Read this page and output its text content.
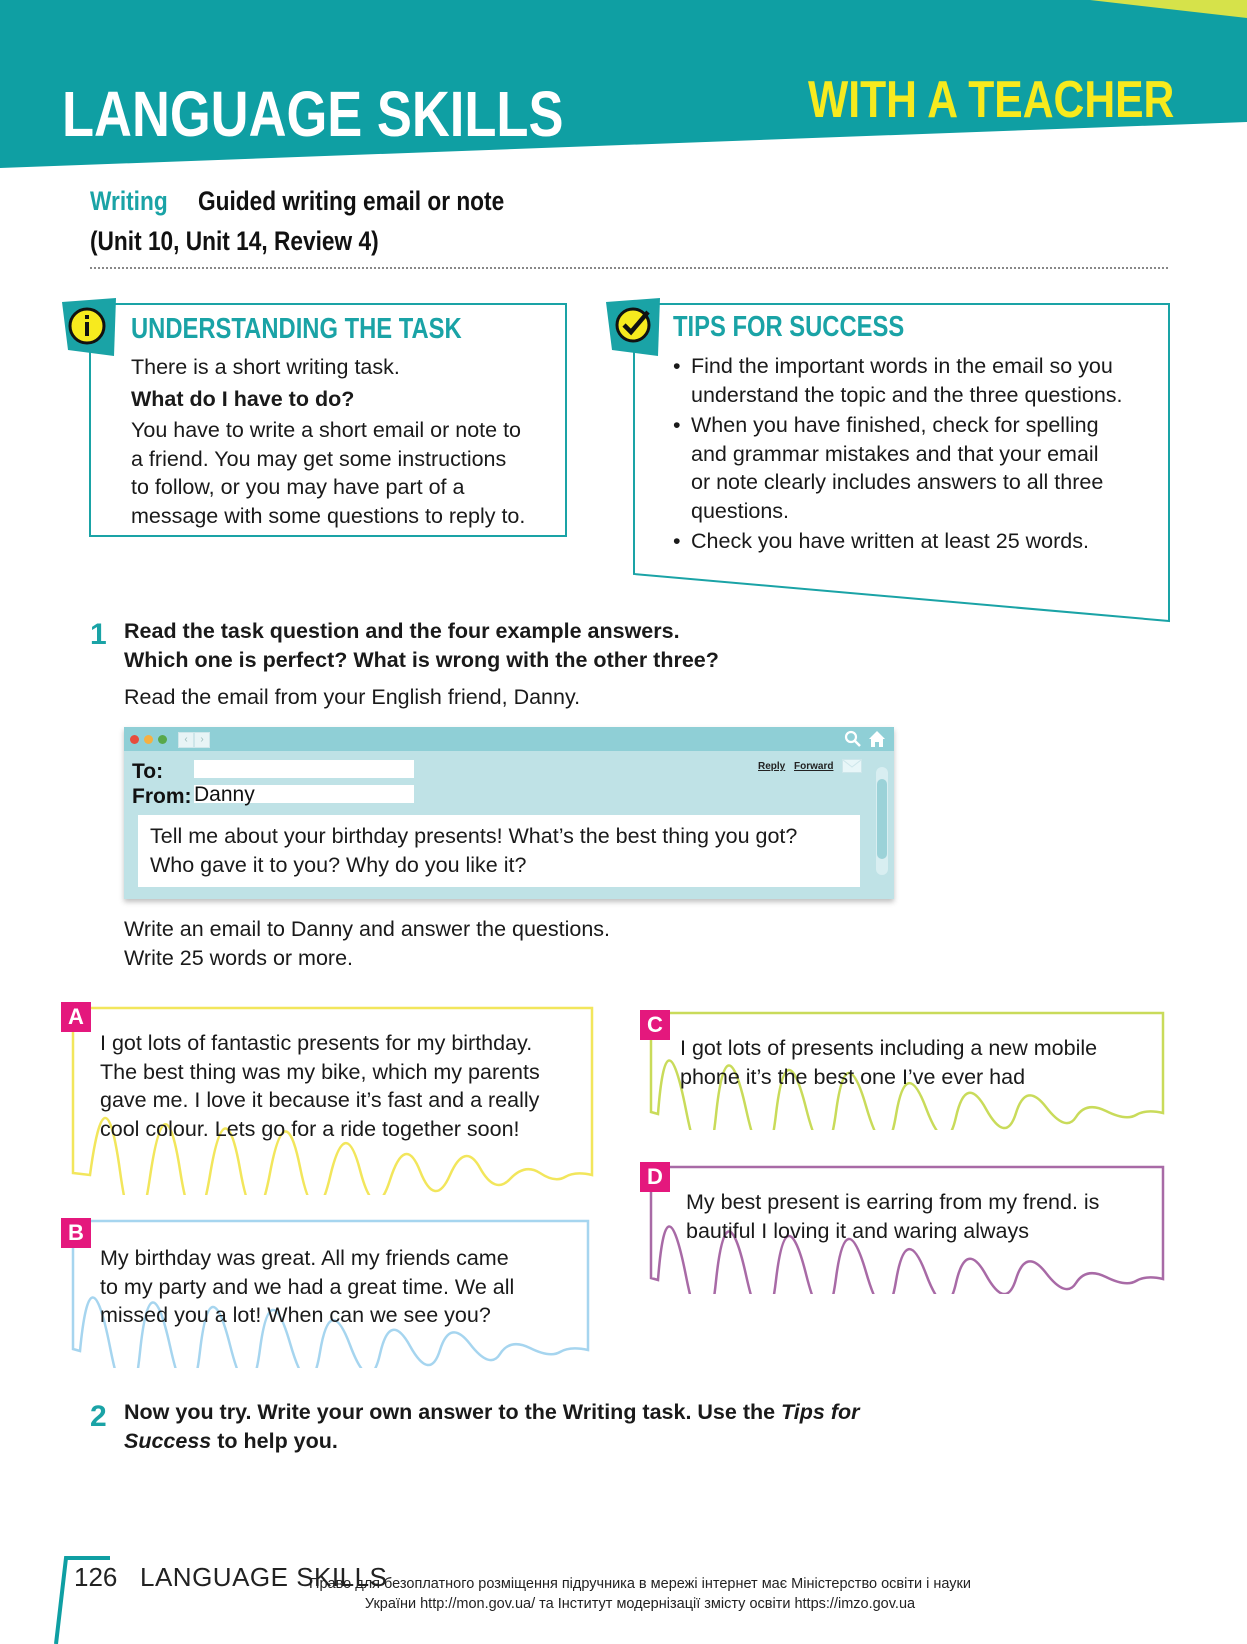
LANGUAGE SKILLS	WITH A TEACHER
Writing Guided writing email or note
(Unit 10, Unit 14, Review 4)
UNDERSTANDING THE TASK
There is a short writing task.
What do I have to do?
You have to write a short email or note to
a friend. You may get some instructions
to follow, or you may have part of a
message with some questions to reply to.
TIPS FOR SUCCESS
• Find the important words in the email so you
understand the topic and the three questions.
• When you have finished, check for spelling
and grammar mistakes and that your email
or note clearly includes answers to all three
questions.
• Check you have written at least 25 words.
1 Read the task question and the four example answers.
Which one is perfect? What is wrong with the other three?
Read the email from your English friend, Danny.
‹	›
To:
From: Danny
Reply Forward
Tell me about your birthday presents! What’s the best thing you got?
Who gave it to you? Why do you like it?
Write an email to Danny and answer the questions.
Write 25 words or more.
A
I got lots of fantastic presents for my birthday.
The best thing was my bike, which my parents
gave me. I love it because it’s fast and a really
cool colour. Lets go for a ride together soon!
B
My birthday was great. All my friends came
to my party and we had a great time. We all
missed you a lot! When can we see you?
C
I got lots of presents including a new mobile
phone it’s the best one I’ve ever had
D
My best present is earring from my frend. is
bautiful I loving it and waring always
2 Now you try. Write your own answer to the Writing task. Use the Tips for
Success to help you.
126 LANGUAGE SKILLS
Право для безоплатного розміщення підручника в мережі інтернет має Міністерство освіти і науки
України http://mon.gov.ua/ та Інститут модернізації змісту освіти https://imzo.gov.ua
